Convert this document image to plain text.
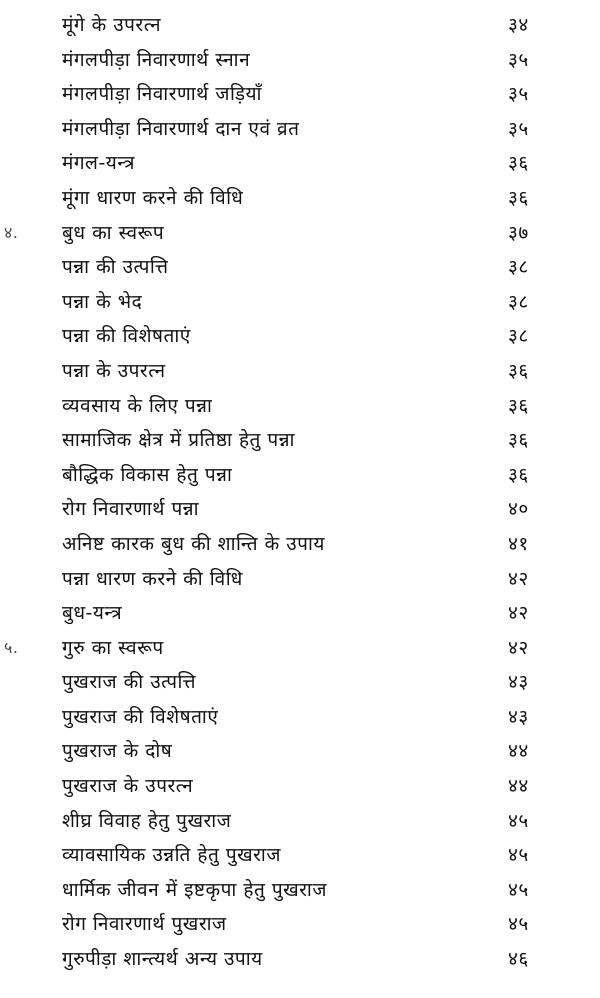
मूंगे के उपरत्न	३४
मंगलपीड़ा निवारणार्थ स्नान	३५
मंगलपीड़ा निवारणार्थ जड़ियाँ	३५
मंगलपीड़ा निवारणार्थ दान एवं व्रत	३५
मंगल-यन्त्र	३६
मूंगा धारण करने की विधि	३६
४. बुध का स्वरूप	३७
पन्ना की उत्पत्ति	३८
पन्ना के भेद	३८
पन्ना की विशेषताएं	३८
पन्ना के उपरत्न	३६
व्यवसाय के लिए पन्ना	३६
सामाजिक क्षेत्र में प्रतिष्ठा हेतु पन्ना	३६
बौद्धिक विकास हेतु पन्ना	३६
रोग निवारणार्थ पन्ना	४०
अनिष्ट कारक बुध की शान्ति के उपाय	४१
पन्ना धारण करने की विधि	४२
बुध-यन्त्र	४२
५. गुरु का स्वरूप	४२
पुखराज की उत्पत्ति	४३
पुखराज की विशेषताएं	४३
पुखराज के दोष	४४
पुखराज के उपरत्न	४४
शीघ्र विवाह हेतु पुखराज	४५
व्यावसायिक उन्नति हेतु पुखराज	४५
धार्मिक जीवन में इष्टकृपा हेतु पुखराज	४५
रोग निवारणार्थ पुखराज	४५
गुरुपीड़ा शान्त्यर्थ अन्य उपाय	४६
